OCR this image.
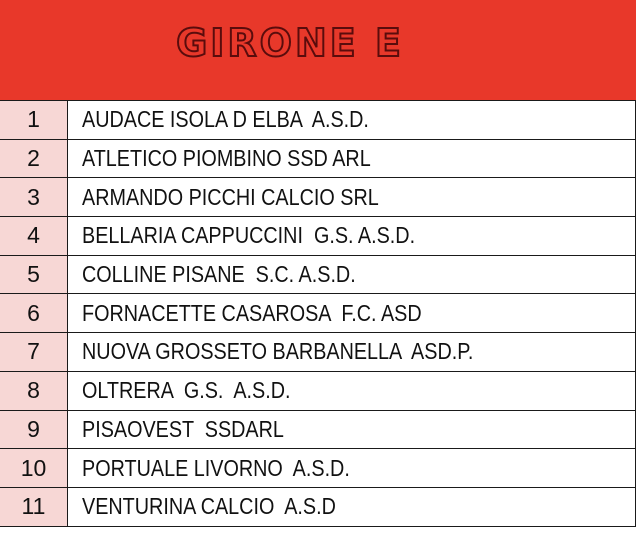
GIRONE E
1	AUDACE ISOLA D ELBA  A.S.D.
2	ATLETICO PIOMBINO SSD ARL
3	ARMANDO PICCHI CALCIO SRL
4	BELLARIA CAPPUCCINI  G.S. A.S.D.
5	COLLINE PISANE  S.C. A.S.D.
6	FORNACETTE CASAROSA  F.C. ASD
7	NUOVA GROSSETO BARBANELLA  ASD.P.
8	OLTRERA  G.S.  A.S.D.
9	PISAOVEST  SSDARL
10	PORTUALE LIVORNO  A.S.D.
11	VENTURINA CALCIO  A.S.D
